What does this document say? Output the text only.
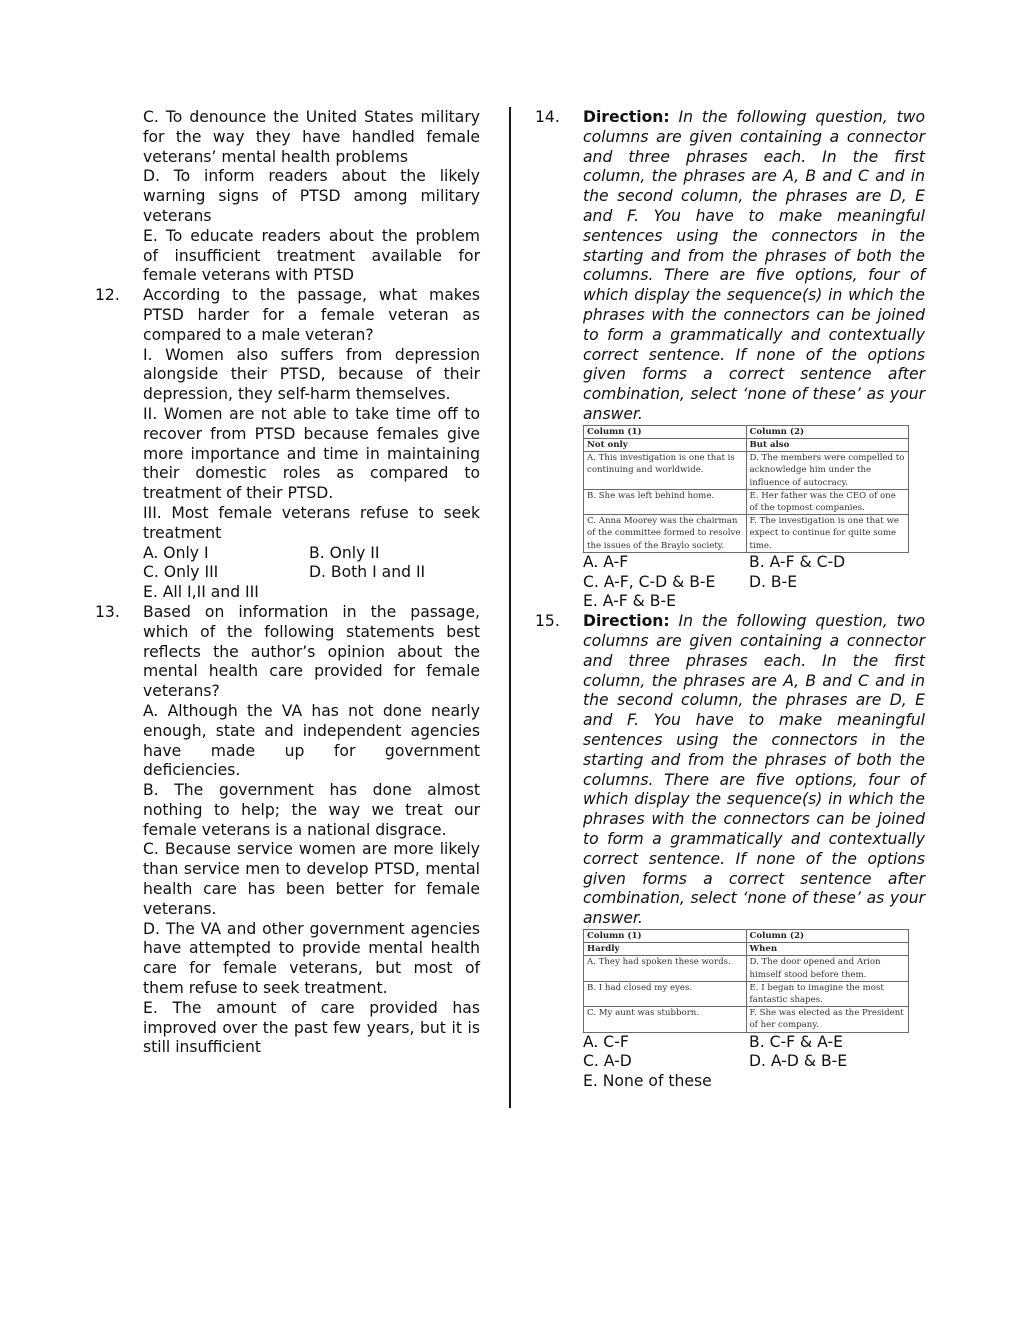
C. To denounce the United States military for the way they have handled female veterans’ mental health problems
D. To inform readers about the likely warning signs of PTSD among military veterans
E. To educate readers about the problem of insufficient treatment available for female veterans with PTSD
12. According to the passage, what makes PTSD harder for a female veteran as compared to a male veteran?
I. Women also suffers from depression alongside their PTSD, because of their depression, they self-harm themselves.
II. Women are not able to take time off to recover from PTSD because females give more importance and time in maintaining their domestic roles as compared to treatment of their PTSD.
III. Most female veterans refuse to seek treatment
A. Only I	B. Only II
C. Only III	D. Both I and II
E. All I,II and III
13. Based on information in the passage, which of the following statements best reflects the author’s opinion about the mental health care provided for female veterans?
A. Although the VA has not done nearly enough, state and independent agencies have made up for government deficiencies.
B. The government has done almost nothing to help; the way we treat our female veterans is a national disgrace.
C. Because service women are more likely than service men to develop PTSD, mental health care has been better for female veterans.
D. The VA and other government agencies have attempted to provide mental health care for female veterans, but most of them refuse to seek treatment.
E. The amount of care provided has improved over the past few years, but it is still insufficient
14. Direction: In the following question, two columns are given containing a connector and three phrases each. In the first column, the phrases are A, B and C and in the second column, the phrases are D, E and F. You have to make meaningful sentences using the connectors in the starting and from the phrases of both the columns. There are five options, four of which display the sequence(s) in which the phrases with the connectors can be joined to form a grammatically and contextually correct sentence. If none of the options given forms a correct sentence after combination, select ‘none of these’ as your answer.
Column (1)	Column (2)
Not only	But also
A. This investigation is one that is continuing and worldwide.	D. The members were compelled to acknowledge him under the influence of autocracy.
B. She was left behind home.	E. Her father was the CEO of one of the topmost companies.
C. Anna Moorey was the chairman of the committee formed to resolve the issues of the Braylo society.	F. The investigation is one that we expect to continue for quite some time.
A. A-F	B. A-F & C-D
C. A-F, C-D & B-E	D. B-E
E. A-F & B-E
15. Direction: In the following question, two columns are given containing a connector and three phrases each. In the first column, the phrases are A, B and C and in the second column, the phrases are D, E and F. You have to make meaningful sentences using the connectors in the starting and from the phrases of both the columns. There are five options, four of which display the sequence(s) in which the phrases with the connectors can be joined to form a grammatically and contextually correct sentence. If none of the options given forms a correct sentence after combination, select ‘none of these’ as your answer.
Column (1)	Column (2)
Hardly	When
A. They had spoken these words.	D. The door opened and Arion himself stood before them.
B. I had closed my eyes.	E. I began to imagine the most fantastic shapes.
C. My aunt was stubborn.	F. She was elected as the President of her company.
A. C-F	B. C-F & A-E
C. A-D	D. A-D & B-E
E. None of these
